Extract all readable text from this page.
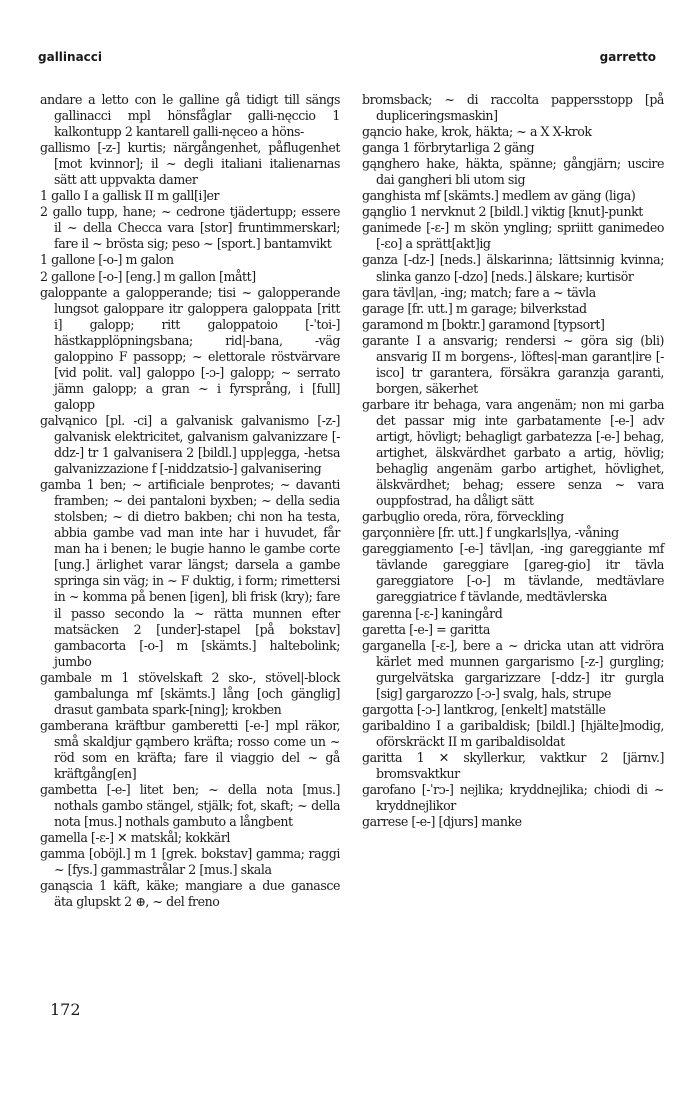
gallinacci	garretto

andare a letto con le galline gå tidigt till sängs gallinacci mpl hönsfåglar galli-nęccio 1 kalkontupp 2 kantarell galli-nęceo a höns-

gallismo [-z-] kurtis; närgångenhet, påflugenhet [mot kvinnor]; il ~ degli italiani italienarnas sätt att uppvakta damer

1 gallo I a gallisk II m gall[i]er

2 gallo tupp, hane; ~ cedrone tjädertupp; essere il ~ della Checca vara [stor] fruntimmerskarl; fare il ~ brösta sig; peso ~ [sport.] bantamvikt

1 gallone [-o-] m galon

2 gallone [-o-] [eng.] m gallon [mått]

galoppante a galopperande; tisi ~ galopperande lungsot galoppare itr galoppera galoppata [ritt i] galopp; ritt galoppatoio [-ˈtoi-] hästkapplöpningsbana; rid|-bana, -väg galoppino F passopp; ~ elettorale röstvärvare [vid polit. val] galoppo [-ɔ-] galopp; ~ serrato jämn galopp; a gran ~ i fyrsprång, i [full] galopp

galvąnico [pl. -ci] a galvanisk galvanismo [-z-] galvanisk elektricitet, galvanism galvanizzare [-ddz-] tr 1 galvanisera 2 [bildl.] upp|egga, -hetsa galvanizzazione f [-niddzatsio-] galvanisering

gamba 1 ben; ~ artificiale benprotes; ~ davanti framben; ~ dei pantaloni byxben; ~ della sedia stolsben; ~ di dietro bakben; chi non ha testa, abbia gambe vad man inte har i huvudet, får man ha i benen; le bugie hanno le gambe corte [ung.] ärlighet varar längst; darsela a gambe springa sin väg; in ~ F duktig, i form; rimettersi in ~ komma på benen [igen], bli frisk (kry); fare il passo secondo la ~ rätta munnen efter matsäcken 2 [under]-stapel [på bokstav] gambacorta [-o-] m [skämts.] haltebolink; jumbo

gambale m 1 stövelskaft 2 sko-, stövel|-block gambalunga mf [skämts.] lång [och gänglig] drasut gambata spark-[ning]; krokben

gamberana kräftbur gamberetti [-e-] mpl räkor, små skaldjur gąmbero kräfta; rosso come un ~ röd som en kräfta; fare il viaggio del ~ gå kräftgång[en]

gambetta [-e-] litet ben; ~ della nota [mus.] nothals gambo stängel, stjälk; fot, skaft; ~ della nota [mus.] nothals gambuto a långbent

gamella [-ɛ-] ✕ matskål; kokkärl

gamma [oböjl.] m 1 [grek. bokstav] gamma; raggi ~ [fys.] gammastrålar 2 [mus.] skala

ganąscia 1 käft, käke; mangiare a due ganasce äta glupskt 2 ⊕, ~ del freno

bromsback; ~ di raccolta pappersstopp [på dupliceringsmaskin]

gąncio hake, krok, häkta; ~ a X X-krok

ganga 1 förbrytarliga 2 gäng

gąnghero hake, häkta, spänne; gångjärn; uscire dai gangheri bli utom sig

ganghista mf [skämts.] medlem av gäng (liga)

gąnglio 1 nervknut 2 [bildl.] viktig [knut]-punkt

ganimede [-ɛ-] m skön yngling; spriitt ganimedeo [-ɛo] a sprätt[akt]ig

ganza [-dz-] [neds.] älskarinna; lättsinnig kvinna; slinka ganzo [-dzo] [neds.] älskare; kurtisör

gara tävl|an, -ing; match; fare a ~ tävla

garage [fr. utt.] m garage; bilverkstad

garamond m [boktr.] garamond [typsort]

garante I a ansvarig; rendersi ~ göra sig (bli) ansvarig II m borgens-, löftes|-man garant|ire [-isco] tr garantera, försäkra garanzįa garanti, borgen, säkerhet

garbare itr behaga, vara angenäm; non mi garba det passar mig inte garbatamente [-e-] adv artigt, hövligt; behagligt garbatezza [-e-] behag, artighet, älskvärdhet garbato a artig, hövlig; behaglig angenäm garbo artighet, hövlighet, älskvärdhet; behag; essere senza ~ vara ouppfostrad, ha dåligt sätt

garbųglio oreda, röra, förveckling

garçonnière [fr. utt.] f ungkarls|lya, -våning

gareggiamento [-e-] tävl|an, -ing gareggiante mf tävlande gareggiare [gareg-gio] itr tävla gareggiatore [-o-] m tävlande, medtävlare gareggiatrice f tävlande, medtävlerska

garenna [-ɛ-] kaningård

garetta [-e-] = garitta

garganella [-ɛ-], bere a ~ dricka utan att vidröra kärlet med munnen gargarismo [-z-] gurgling; gurgelvätska gargarizzare [-ddz-] itr gurgla [sig] gargarozzo [-ɔ-] svalg, hals, strupe

gargotta [-ɔ-] lantkrog, [enkelt] matställe

garibaldino I a garibaldisk; [bildl.] [hjälte]modig, oförskräckt II m garibaldisoldat

garitta 1 ✕ skyllerkur, vaktkur 2 [järnv.] bromsvaktkur

garofano [-ˈrɔ-] nejlika; kryddnejlika; chiodi di ~ kryddnejlikor

garrese [-e-] [djurs] manke

172
